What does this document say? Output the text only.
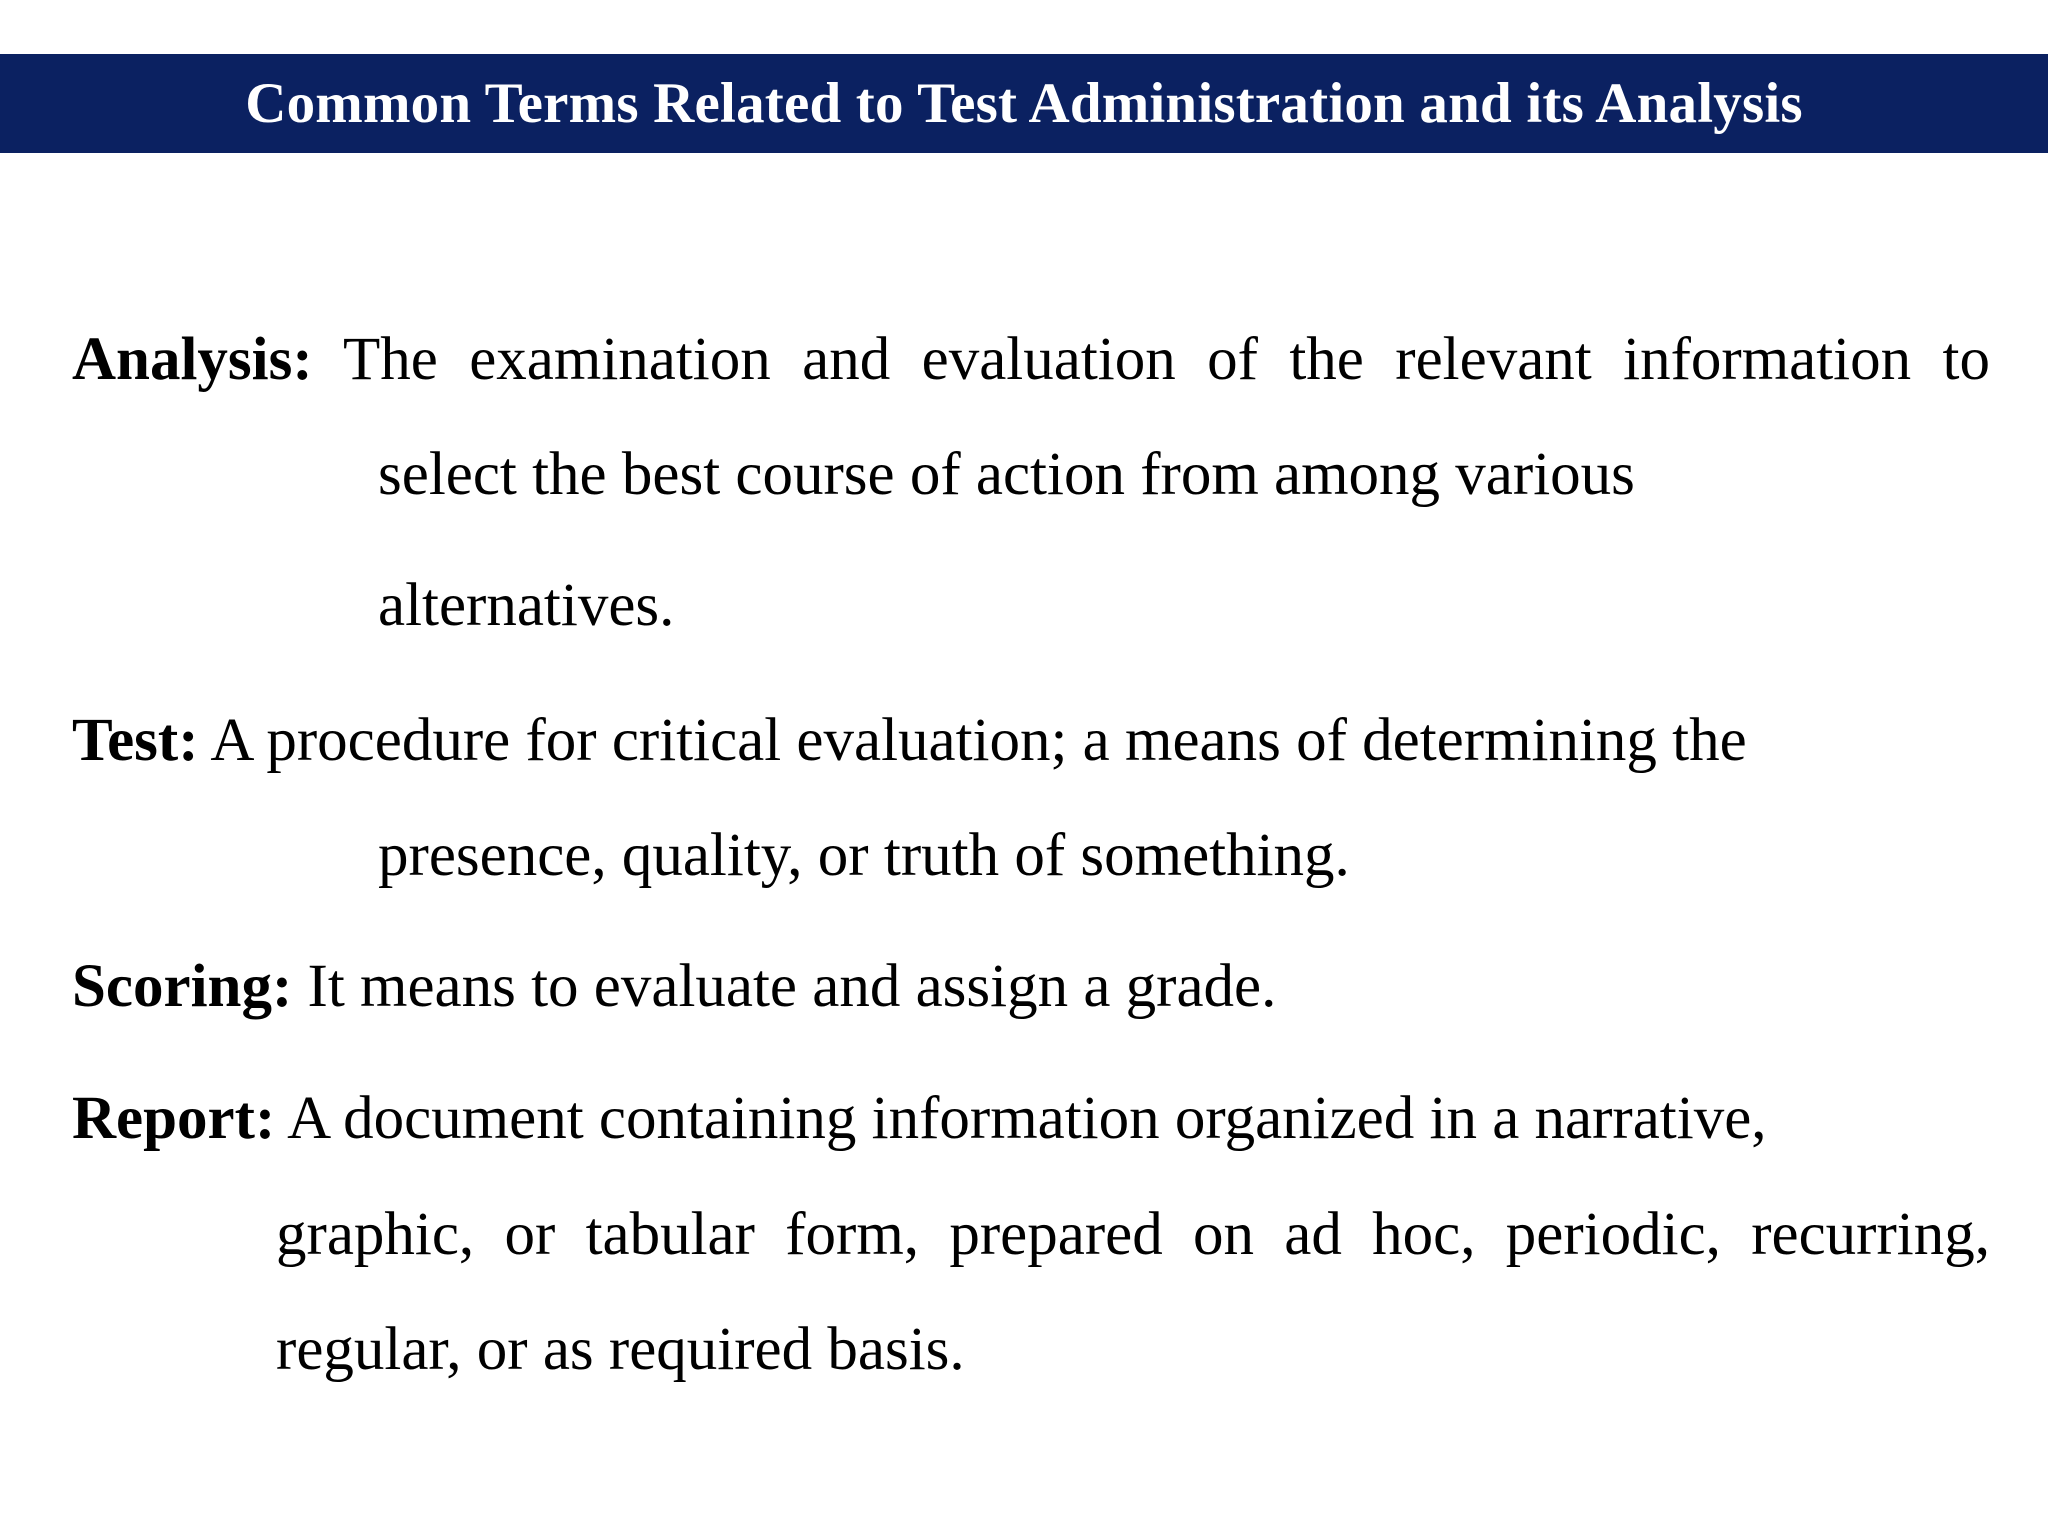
Common Terms Related to Test Administration and its Analysis
Analysis: The examination and evaluation of the relevant information to
select the best course of action from among various
alternatives.
Test: A procedure for critical evaluation; a means of determining the
presence, quality, or truth of something.
Scoring: It means to evaluate and assign a grade.
Report: A document containing information organized in a narrative,
graphic, or tabular form, prepared on ad hoc, periodic, recurring,
regular, or as required basis.
